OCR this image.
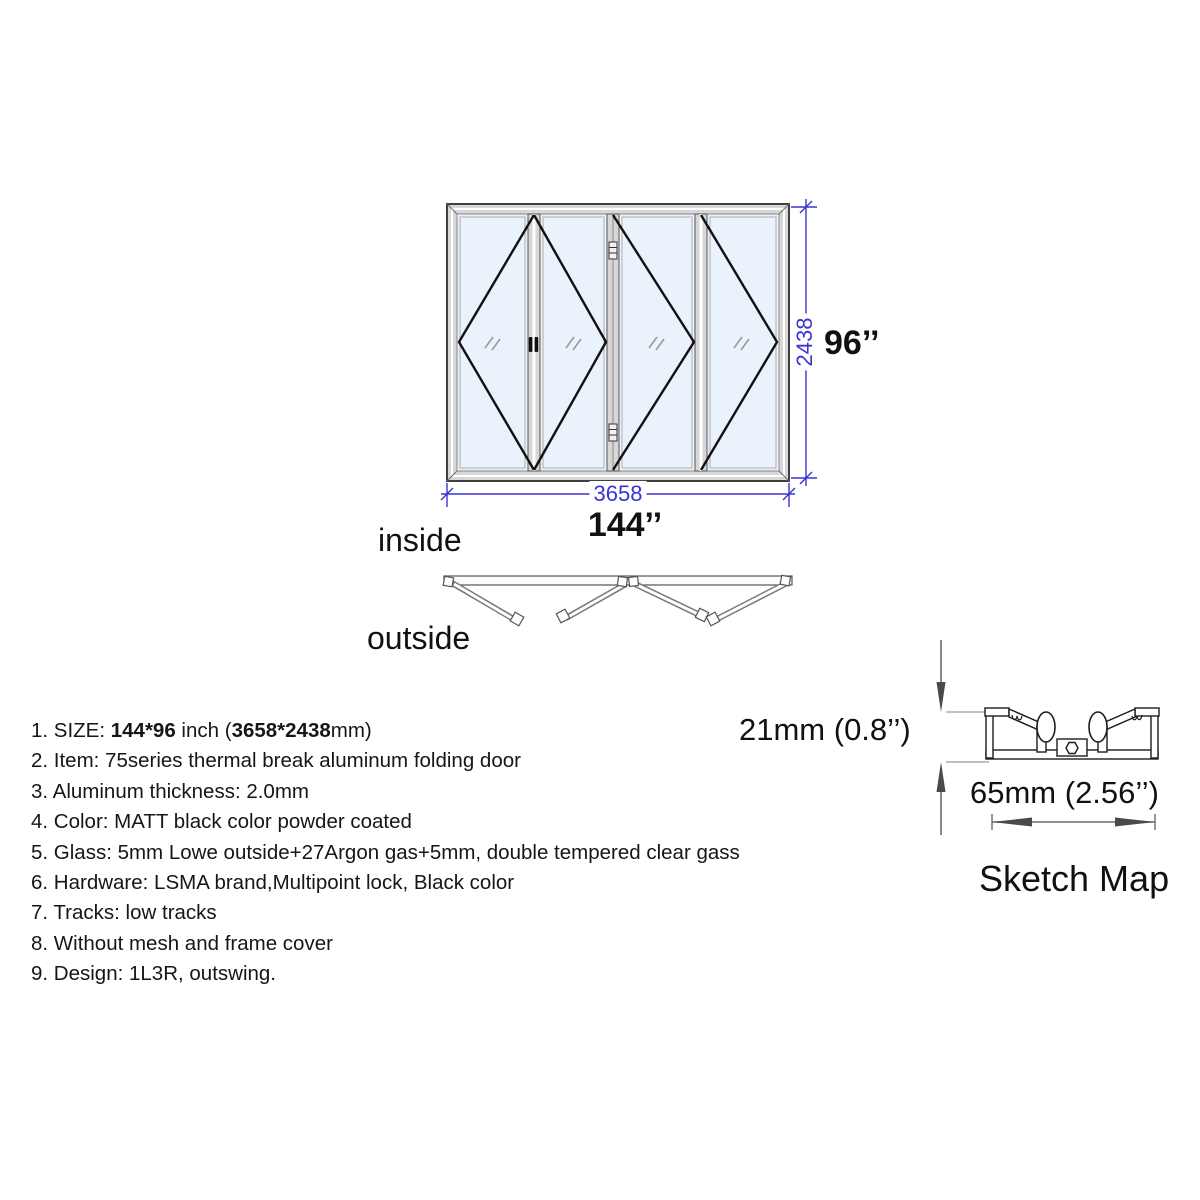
2438 96’’
3658
144’’
inside
outside
1. SIZE: 144*96 inch (3658*2438mm)
2. Item: 75series thermal break aluminum folding door
3. Aluminum thickness: 2.0mm
4. Color: MATT black color powder coated
5. Glass: 5mm Lowe outside+27Argon gas+5mm, double tempered clear gass
6. Hardware: LSMA brand,Multipoint lock, Black color
7. Tracks: low tracks
8. Without mesh and frame cover
9. Design: 1L3R, outswing.
21mm (0.8’’)
65mm (2.56’’)
Sketch Map
